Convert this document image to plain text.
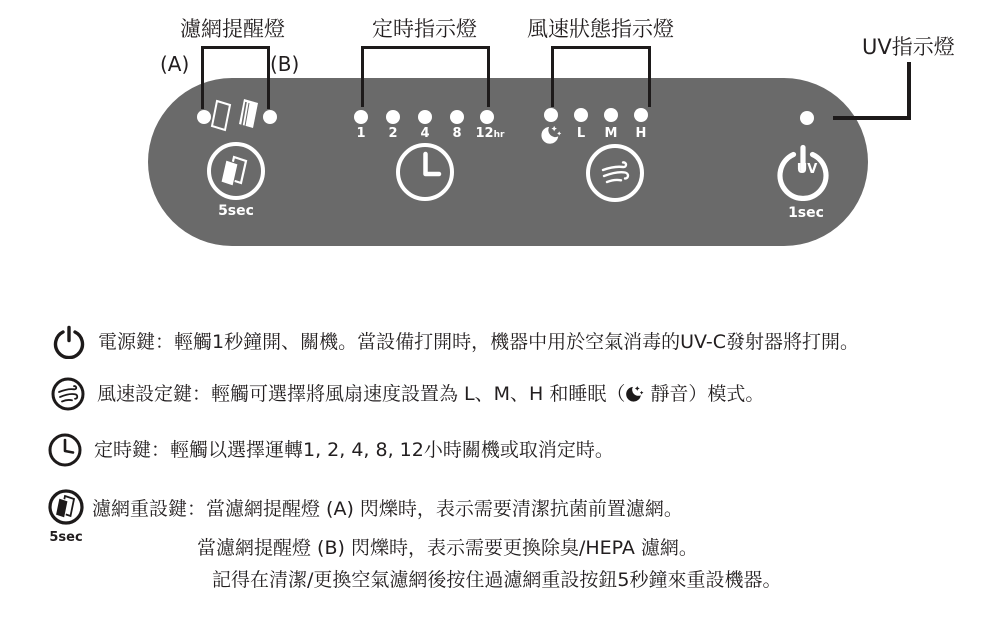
5sec
1	2	4	8	12hr	L	M	H
UV
1sec
濾網提醒燈
(A)	(B)
定時指示燈 風速狀態指示燈
UV指示燈
電源鍵：輕觸1秒鐘開、關機。當設備打開時，機器中用於空氣消毒的UV-C發射器將打開。
風速設定鍵：輕觸可選擇將風扇速度設置為 L、M、H 和睡眠（ 靜音）模式。
定時鍵：輕觸以選擇運轉1, 2, 4, 8, 12小時關機或取消定時。
5sec
濾網重設鍵：當濾網提醒燈 (A) 閃爍時，表示需要清潔抗菌前置濾網。
當濾網提醒燈 (B) 閃爍時，表示需要更換除臭/HEPA 濾網。
記得在清潔/更換空氣濾網後按住過濾網重設按鈕5秒鐘來重設機器。
